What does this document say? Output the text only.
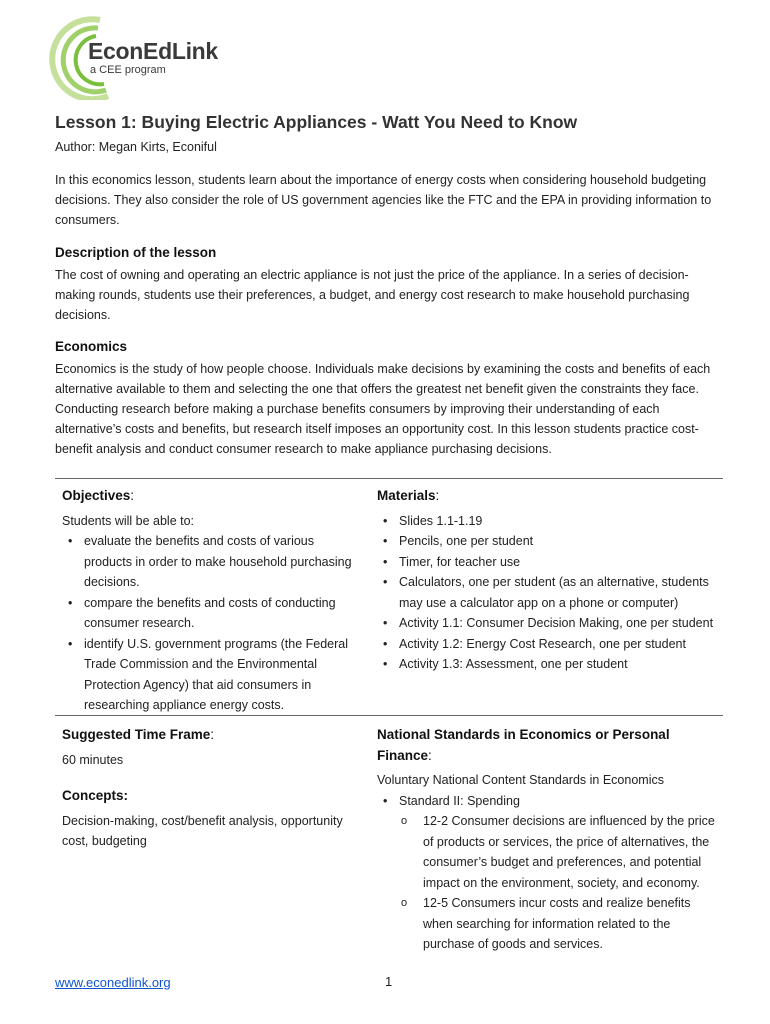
EconEdLink
a CEE program
Lesson 1: Buying Electric Appliances - Watt You Need to Know
Author: Megan Kirts, Econiful
In this economics lesson, students learn about the importance of energy costs when considering household budgeting decisions. They also consider the role of US government agencies like the FTC and the EPA in providing information to consumers.
Description of the lesson
The cost of owning and operating an electric appliance is not just the price of the appliance. In a series of decision-making rounds, students use their preferences, a budget, and energy cost research to make household purchasing decisions.
Economics
Economics is the study of how people choose. Individuals make decisions by examining the costs and benefits of each alternative available to them and selecting the one that offers the greatest net benefit given the constraints they face. Conducting research before making a purchase benefits consumers by improving their understanding of each alternative’s costs and benefits, but research itself imposes an opportunity cost. In this lesson students practice cost-benefit analysis and conduct consumer research to make appliance purchasing decisions.
Objectives:
Students will be able to:
• evaluate the benefits and costs of various products in order to make household purchasing decisions.
• compare the benefits and costs of conducting consumer research.
• identify U.S. government programs (the Federal Trade Commission and the Environmental Protection Agency) that aid consumers in researching appliance energy costs.
Materials:
• Slides 1.1-1.19
• Pencils, one per student
• Timer, for teacher use
• Calculators, one per student (as an alternative, students may use a calculator app on a phone or computer)
• Activity 1.1: Consumer Decision Making, one per student
• Activity 1.2: Energy Cost Research, one per student
• Activity 1.3: Assessment, one per student
Suggested Time Frame:
60 minutes
Concepts:
Decision-making, cost/benefit analysis, opportunity cost, budgeting
National Standards in Economics or Personal Finance:
Voluntary National Content Standards in Economics
• Standard II: Spending
o 12-2 Consumer decisions are influenced by the price of products or services, the price of alternatives, the consumer’s budget and preferences, and potential impact on the environment, society, and economy.
o 12-5 Consumers incur costs and realize benefits when searching for information related to the purchase of goods and services.
www.econedlink.org	1
